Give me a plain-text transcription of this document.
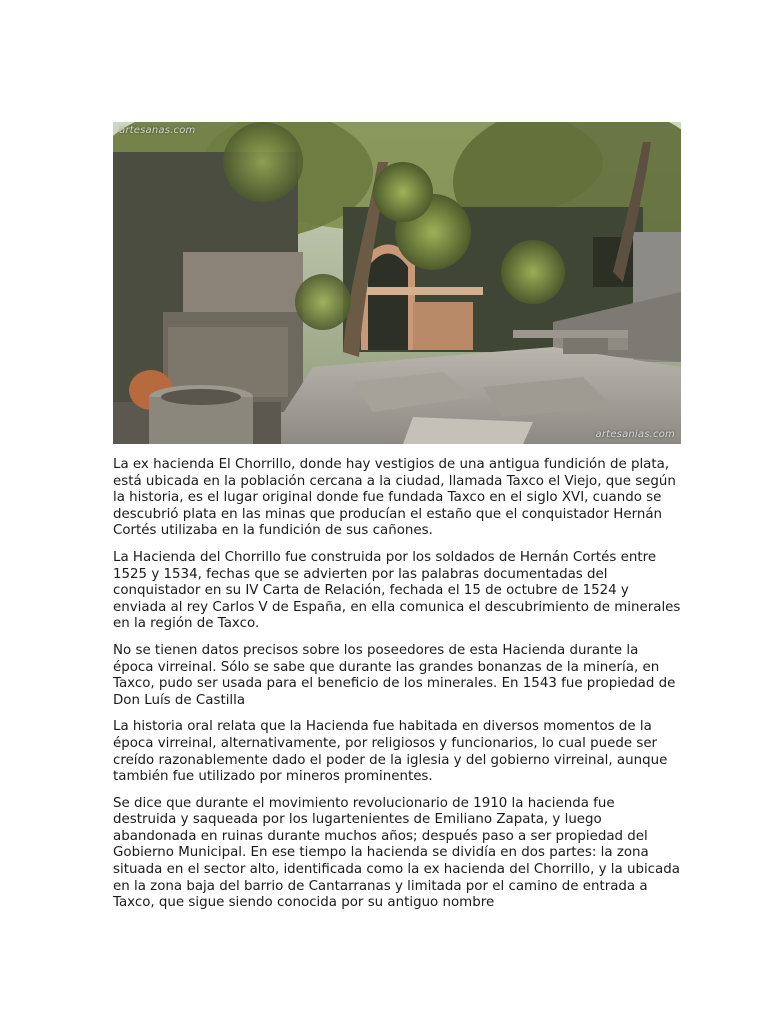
artesanas.com
artesanias.com

La ex hacienda El Chorrillo, donde hay vestigios de una antigua fundición de plata, está ubicada en la población cercana a la ciudad, llamada Taxco el Viejo, que según la historia, es el lugar original donde fue fundada Taxco en el siglo XVI, cuando se descubrió plata en las minas que producían el estaño que el conquistador Hernán Cortés utilizaba en la fundición de sus cañones.

La Hacienda del Chorrillo fue construida por los soldados de Hernán Cortés entre 1525 y 1534, fechas que se advierten por las palabras documentadas del conquistador en su IV Carta de Relación, fechada el 15 de octubre de 1524 y enviada al rey Carlos V de España, en ella comunica el descubrimiento de minerales en la región de Taxco.

No se tienen datos precisos sobre los poseedores de esta Hacienda durante la época virreinal. Sólo se sabe que durante las grandes bonanzas de la minería, en Taxco, pudo ser usada para el beneficio de los minerales. En 1543 fue propiedad de Don Luís de Castilla

La historia oral relata que la Hacienda fue habitada en diversos momentos de la época virreinal, alternativamente, por religiosos y funcionarios, lo cual puede ser creído razonablemente dado el poder de la iglesia y del gobierno virreinal, aunque también fue utilizado por mineros prominentes.

Se dice que durante el movimiento revolucionario de 1910 la hacienda fue destruida y saqueada por los lugartenientes de Emiliano Zapata, y luego abandonada en ruinas durante muchos años; después paso a ser propiedad del Gobierno Municipal. En ese tiempo la hacienda se dividía en dos partes: la zona situada en el sector alto, identificada como la ex hacienda del Chorrillo, y la ubicada en la zona baja del barrio de Cantarranas y limitada por el camino de entrada a Taxco, que sigue siendo conocida por su antiguo nombre
